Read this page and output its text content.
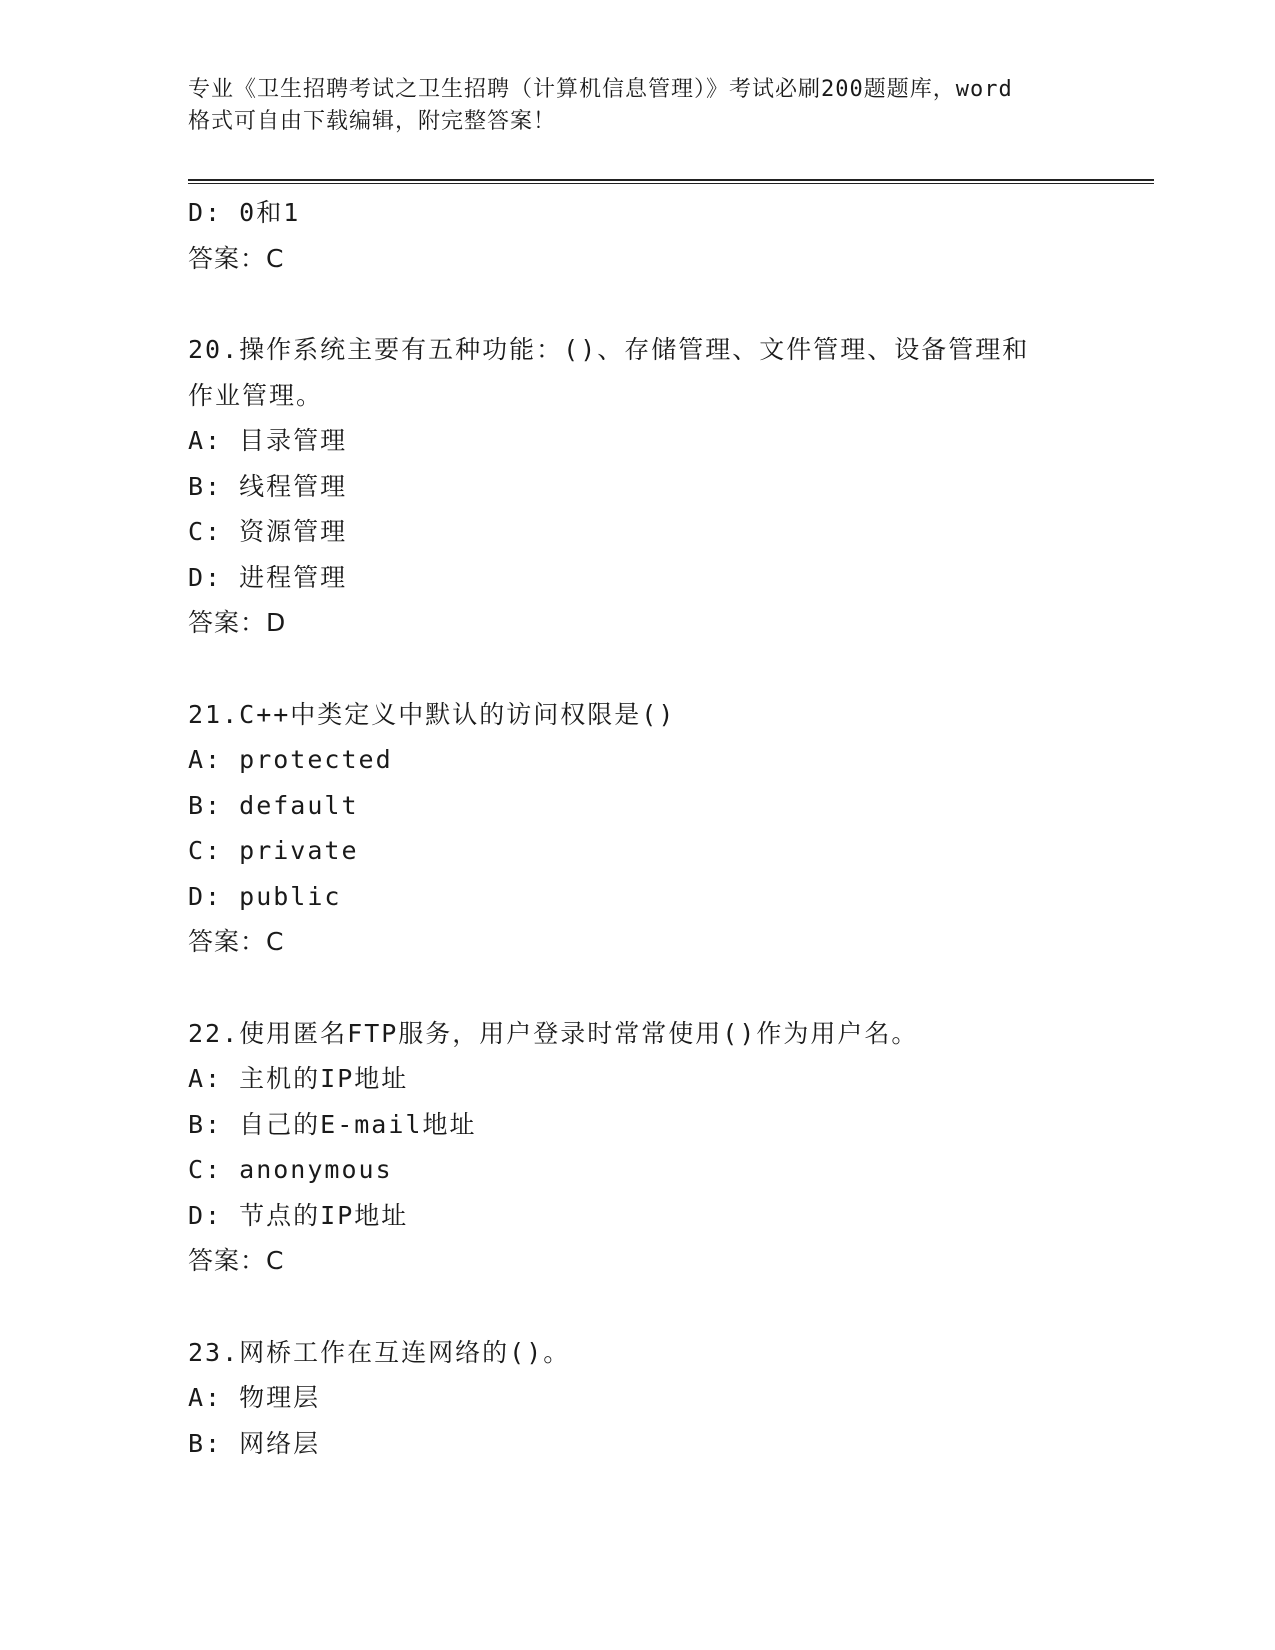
专业《卫生招聘考试之卫生招聘（计算机信息管理）》考试必刷200题题库，word
格式可自由下载编辑，附完整答案！
D: 0和1
答案：C
20.操作系统主要有五种功能：()、存储管理、文件管理、设备管理和
作业管理。
A: 目录管理
B: 线程管理
C: 资源管理
D: 进程管理
答案：D
21.C++中类定义中默认的访问权限是()
A: protected
B: default
C: private
D: public
答案：C
22.使用匿名FTP服务，用户登录时常常使用()作为用户名。
A: 主机的IP地址
B: 自己的E-mail地址
C: anonymous
D: 节点的IP地址
答案：C
23.网桥工作在互连网络的()。
A: 物理层
B: 网络层
